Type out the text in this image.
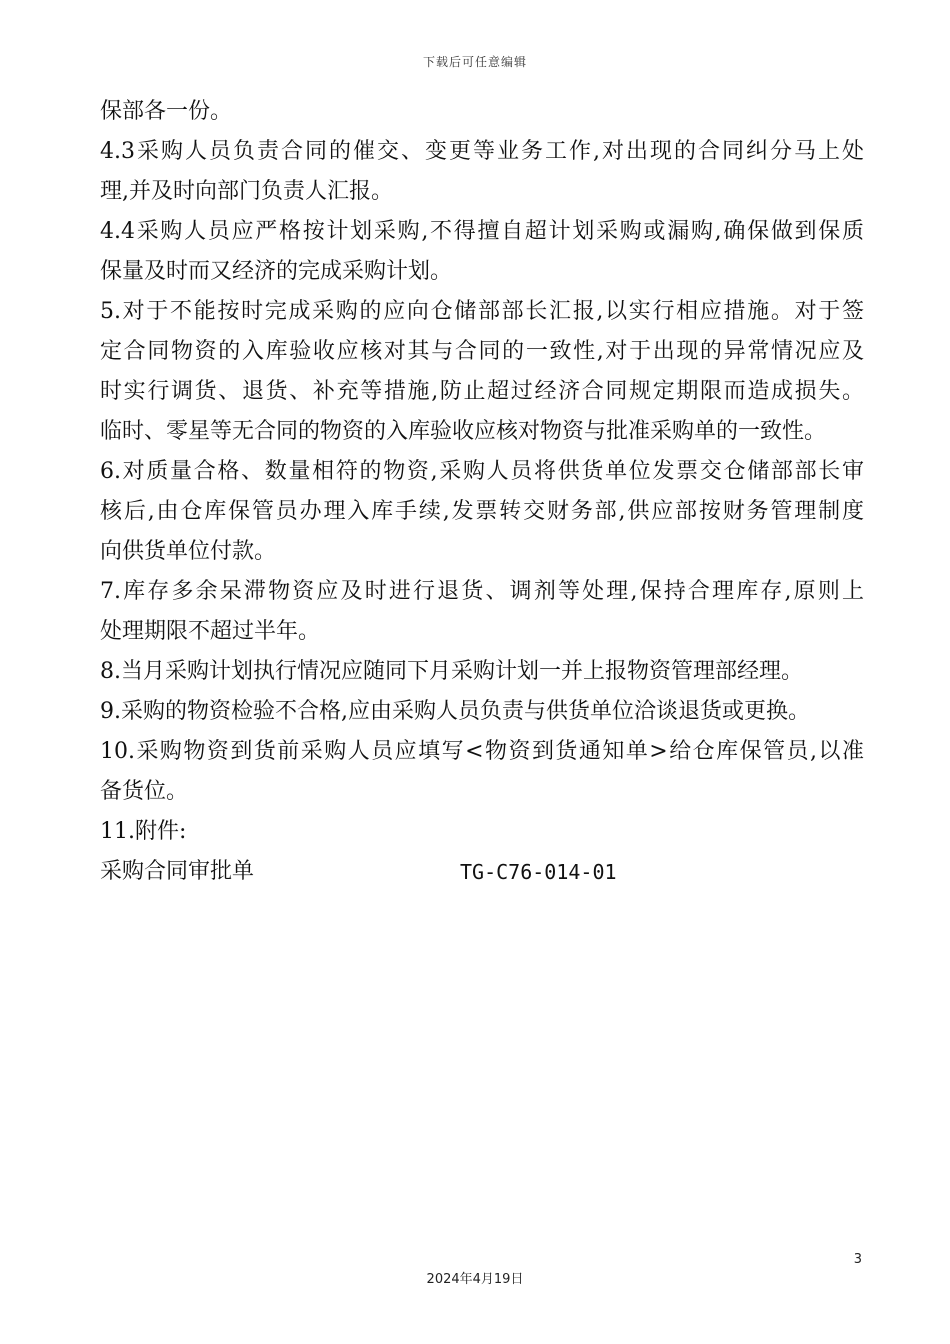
下载后可任意编辑
保部各一份。
4.3采购人员负责合同的催交、变更等业务工作,对出现的合同纠分马上处
理,并及时向部门负责人汇报。
4.4采购人员应严格按计划采购,不得擅自超计划采购或漏购,确保做到保质
保量及时而又经济的完成采购计划。
5.对于不能按时完成采购的应向仓储部部长汇报,以实行相应措施。对于签
定合同物资的入库验收应核对其与合同的一致性,对于出现的异常情况应及
时实行调货、退货、补充等措施,防止超过经济合同规定期限而造成损失。
临时、零星等无合同的物资的入库验收应核对物资与批准采购单的一致性。
6.对质量合格、数量相符的物资,采购人员将供货单位发票交仓储部部长审
核后,由仓库保管员办理入库手续,发票转交财务部,供应部按财务管理制度
向供货单位付款。
7.库存多余呆滞物资应及时进行退货、调剂等处理,保持合理库存,原则上
处理期限不超过半年。
8.当月采购计划执行情况应随同下月采购计划一并上报物资管理部经理。
9.采购的物资检验不合格,应由采购人员负责与供货单位洽谈退货或更换。
10.采购物资到货前采购人员应填写<物资到货通知单>给仓库保管员,以准
备货位。
11.附件:
采购合同审批单	TG-C76-014-01
3
2024年4月19日
